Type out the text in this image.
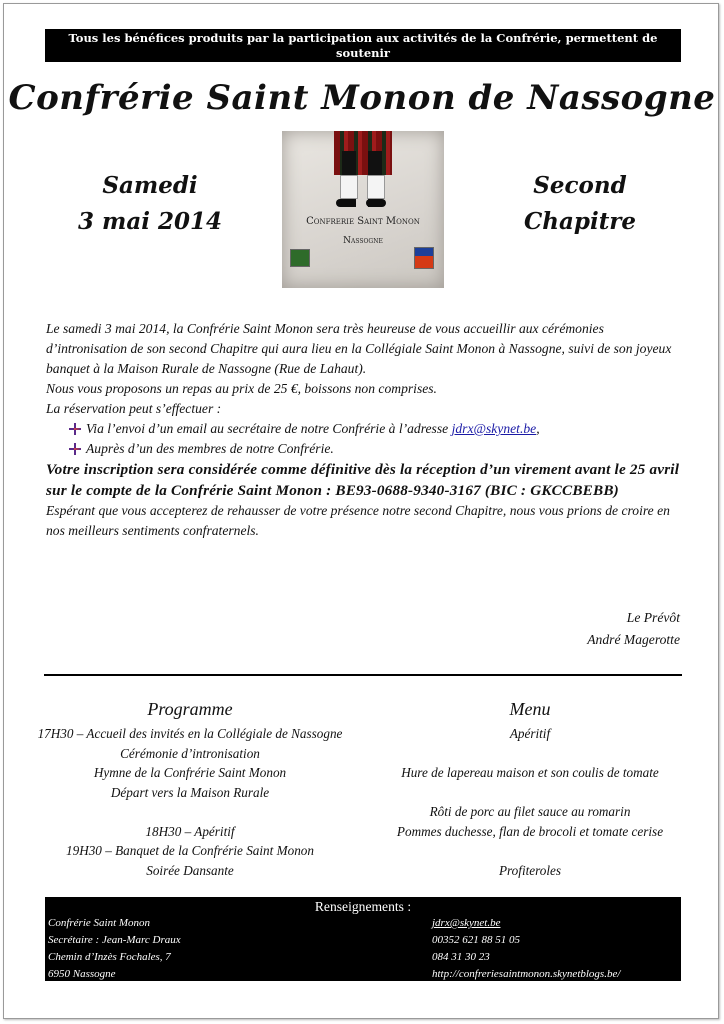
Tous les bénéfices produits par la participation aux activités de la Confrérie, permettent de soutenir
des actions sociales concrètes dans notre commune
Confrérie Saint Monon de Nassogne
Samedi
3 mai 2014	Confrerie Saint Monon
Nassogne
Second
Chapitre

Le samedi 3 mai 2014, la Confrérie Saint Monon sera très heureuse de vous accueillir aux cérémonies d’intronisation de son second Chapitre qui aura lieu en la Collégiale Saint Monon à Nassogne, suivi de son joyeux banquet à la Maison Rurale de Nassogne (Rue de Lahaut).

Nous vous proposons un repas au prix de 25 €, boissons non comprises.

La réservation peut s’effectuer :

Via l’envoi d’un email au secrétaire de notre Confrérie à l’adresse jdrx@skynet.be,

Auprès d’un des membres de notre Confrérie.

Votre inscription sera considérée comme définitive dès la réception d’un virement avant le 25 avril sur le compte de la Confrérie Saint Monon : BE93-0688-9340-3167 (BIC : GKCCBEBB)

Espérant que vous accepterez de rehausser de votre présence notre second Chapitre, nous vous prions de croire en nos meilleurs sentiments confraternels.

Le Prévôt
André Magerotte
Programme
17H30 – Accueil des invités en la Collégiale de Nassogne
Cérémonie d’intronisation
Hymne de la Confrérie Saint Monon
Départ vers la Maison Rurale
18H30 – Apéritif
19H30 – Banquet de la Confrérie Saint Monon
Soirée Dansante
Menu
Apéritif
Hure de lapereau maison et son coulis de tomate
Rôti de porc au filet sauce au romarin
Pommes duchesse, flan de brocoli et tomate cerise
Profiteroles
Renseignements :
Confrérie Saint Monon
Secrétaire : Jean-Marc Draux
Chemin d’Inzès Fochales, 7
6950 Nassogne
jdrx@skynet.be
00352 621 88 51 05
084 31 30 23
http://confreriesaintmonon.skynetblogs.be/
